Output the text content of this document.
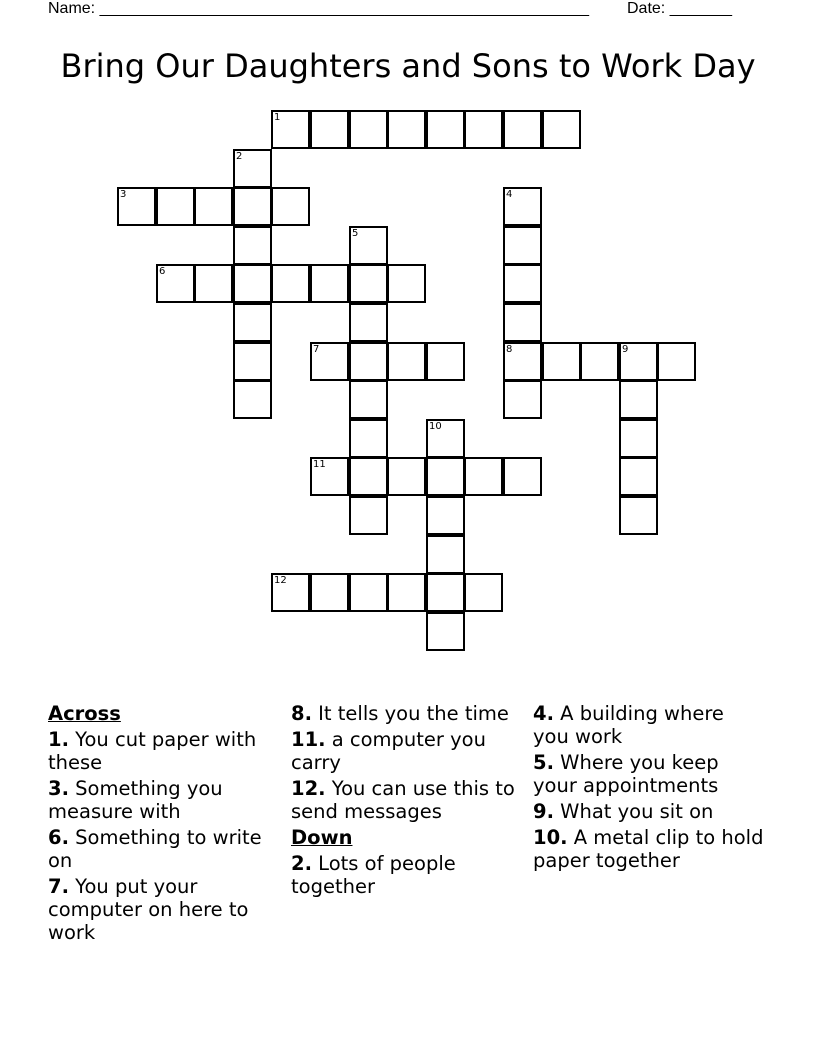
Name: _______________________________________________________ Date: _______
Bring Our Daughters and Sons to Work Day
1
2
3	4
5
6
7	8	9
10
11
12
Across
1. You cut paper with these
3. Something you measure with
6. Something to write on
7. You put your computer on here to work
8. It tells you the time
11. a computer you carry
12. You can use this to send messages
Down
2. Lots of people together
4. A building where you work
5. Where you keep your appointments
9. What you sit on
10. A metal clip to hold paper together
